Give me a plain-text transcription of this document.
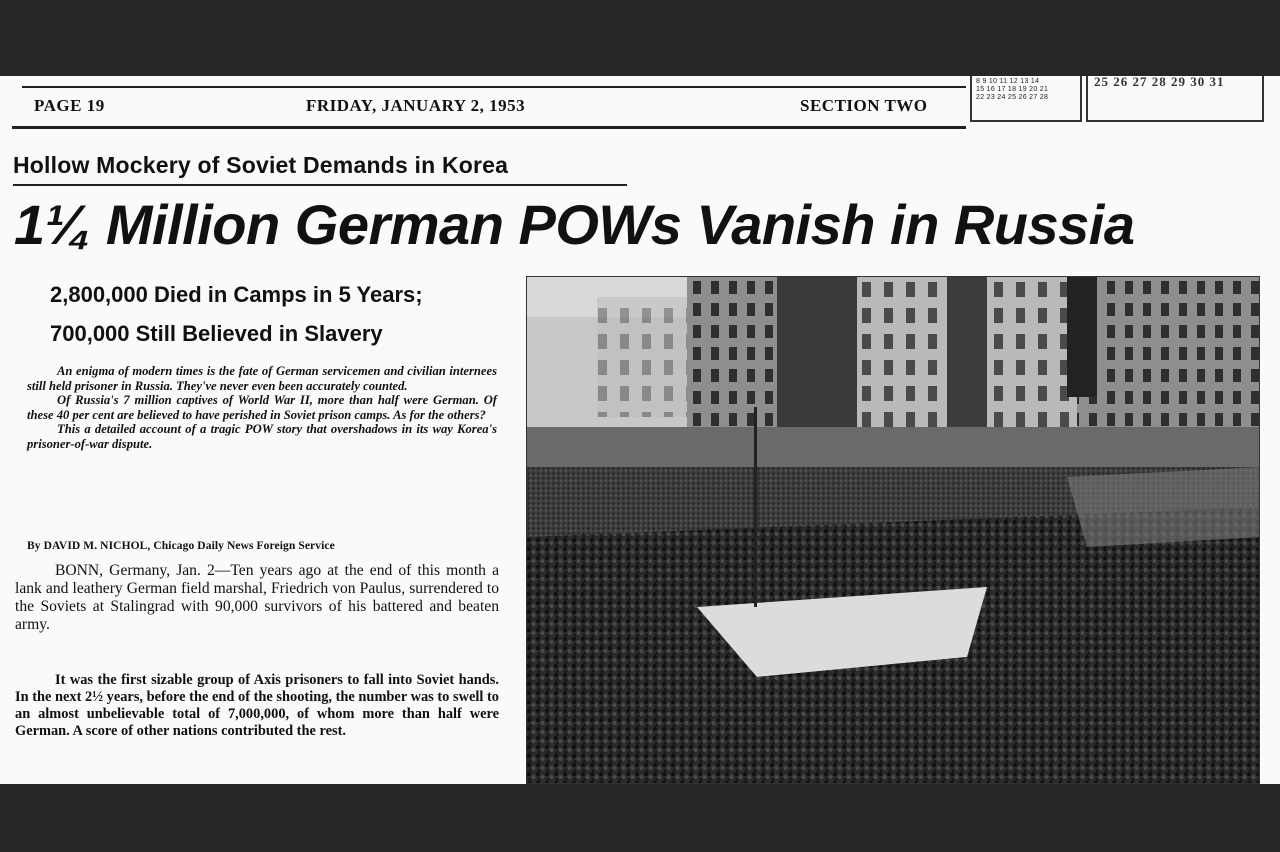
PAGE 19	FRIDAY, JANUARY 2, 1953	SECTION TWO
8 9 10 11 12 13 14
15 16 17 18 19 20 21
22 23 24 25 26 27 28
25 26 27 28 29 30 31
Hollow Mockery of Soviet Demands in Korea
1¼ Million German POWs Vanish in Russia
2,800,000 Died in Camps in 5 Years;
700,000 Still Believed in Slavery

An enigma of modern times is the fate of German servicemen and civilian internees still held prisoner in Russia. They've never even been accurately counted.

Of Russia's 7 million captives of World War II, more than half were German. Of these 40 per cent are believed to have perished in Soviet prison camps. As for the others?

This a detailed account of a tragic POW story that overshadows in its way Korea's prisoner-of-war dispute.

By DAVID M. NICHOL, Chicago Daily News Foreign Service

BONN, Germany, Jan. 2—Ten years ago at the end of this month a lank and leathery German field marshal, Friedrich von Paulus, surrendered to the Soviets at Stalingrad with 90,000 survivors of his battered and beaten army.

It was the first sizable group of Axis prisoners to fall into Soviet hands. In the next 2½ years, before the end of the shooting, the number was to swell to an almost unbelievable total of 7,000,000, of whom more than half were German. A score of other nations contributed the rest.
